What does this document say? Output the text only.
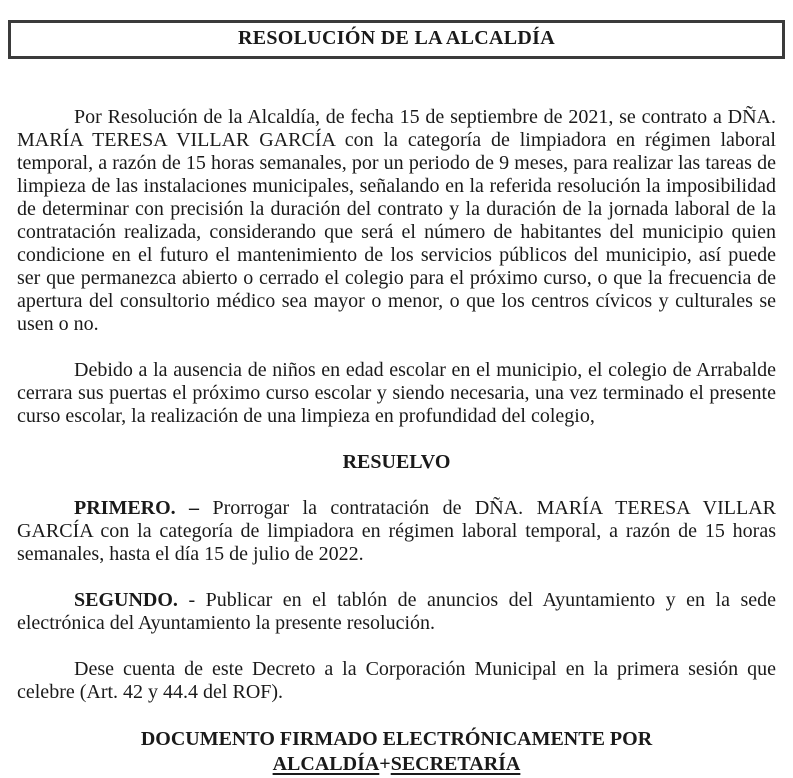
RESOLUCIÓN DE LA ALCALDÍA

Por Resolución de la Alcaldía, de fecha 15 de septiembre de 2021, se contrato a DÑA. MARÍA TERESA VILLAR GARCÍA con la categoría de limpiadora en régimen laboral temporal, a razón de 15 horas semanales, por un periodo de 9 meses, para realizar las tareas de limpieza de las instalaciones municipales, señalando en la referida resolución la imposibilidad de determinar con precisión la duración del contrato y la duración de la jornada laboral de la contratación realizada, considerando que será el número de habitantes del municipio quien condicione en el futuro el mantenimiento de los servicios públicos del municipio, así puede ser que permanezca abierto o cerrado el colegio para el próximo curso, o que la frecuencia de apertura del consultorio médico sea mayor o menor, o que los centros cívicos y culturales se usen o no.

Debido a la ausencia de niños en edad escolar en el municipio, el colegio de Arrabalde cerrara sus puertas el próximo curso escolar y siendo necesaria, una vez terminado el presente curso escolar, la realización de una limpieza en profundidad del colegio,

RESUELVO

PRIMERO. – Prorrogar la contratación de DÑA. MARÍA TERESA VILLAR GARCÍA con la categoría de limpiadora en régimen laboral temporal, a razón de 15 horas semanales, hasta el día 15 de julio de 2022.

SEGUNDO. - Publicar en el tablón de anuncios del Ayuntamiento y en la sede electrónica del Ayuntamiento la presente resolución.

Dese cuenta de este Decreto a la Corporación Municipal en la primera sesión que celebre (Art. 42 y 44.4 del ROF).

DOCUMENTO FIRMADO ELECTRÓNICAMENTE POR

ALCALDÍA+SECRETARÍA
